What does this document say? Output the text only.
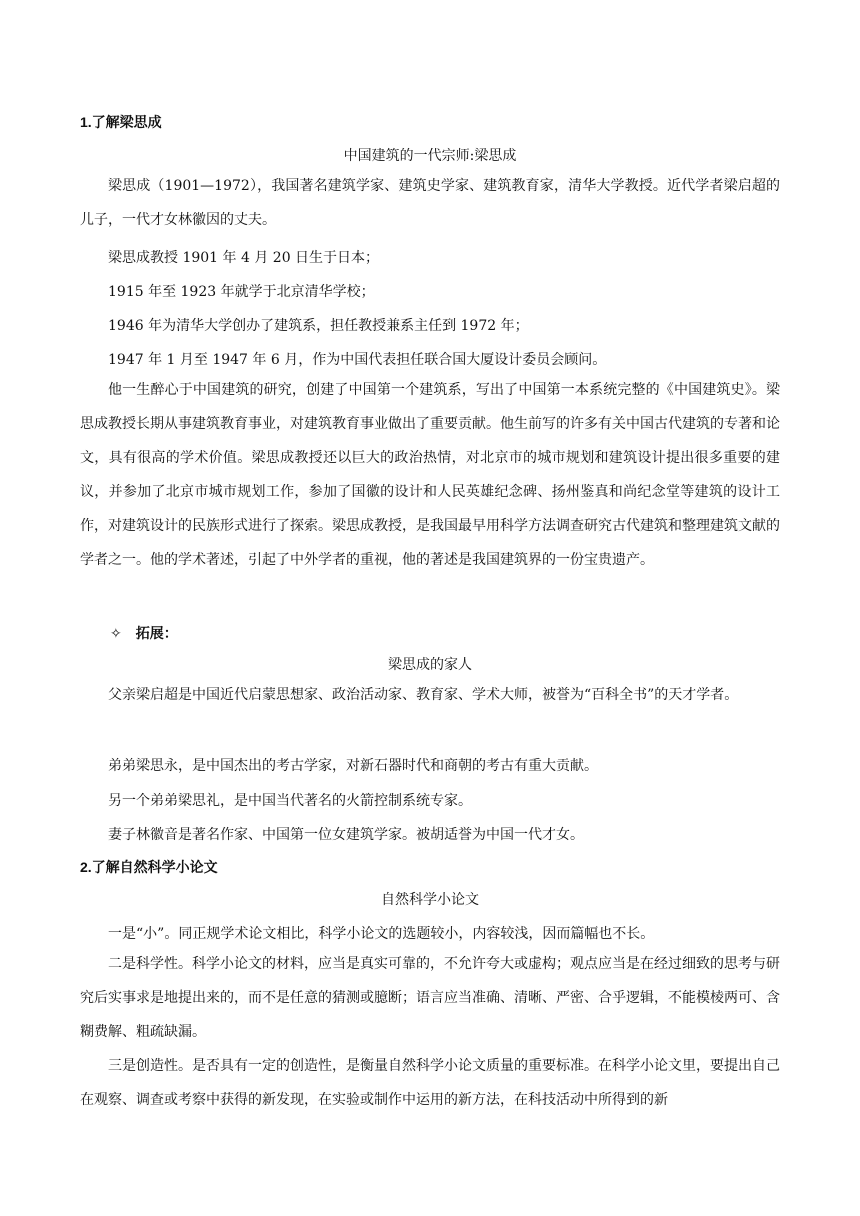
1.了解梁思成
中国建筑的一代宗师:梁思成
梁思成（1901—1972），我国著名建筑学家、建筑史学家、建筑教育家，清华大学教授。近代学者梁启超的儿子，一代才女林徽因的丈夫。
梁思成教授 1901 年 4 月 20 日生于日本；
1915 年至 1923 年就学于北京清华学校；
1946 年为清华大学创办了建筑系，担任教授兼系主任到 1972 年；
1947 年 1 月至 1947 年 6 月，作为中国代表担任联合国大厦设计委员会顾问。
他一生醉心于中国建筑的研究，创建了中国第一个建筑系，写出了中国第一本系统完整的《中国建筑史》。梁思成教授长期从事建筑教育事业，对建筑教育事业做出了重要贡献。他生前写的许多有关中国古代建筑的专著和论文，具有很高的学术价值。梁思成教授还以巨大的政治热情，对北京市的城市规划和建筑设计提出很多重要的建议，并参加了北京市城市规划工作，参加了国徽的设计和人民英雄纪念碑、扬州鉴真和尚纪念堂等建筑的设计工作，对建筑设计的民族形式进行了探索。梁思成教授，是我国最早用科学方法调查研究古代建筑和整理建筑文献的学者之一。他的学术著述，引起了中外学者的重视，他的著述是我国建筑界的一份宝贵遗产。
✧ 拓展：
梁思成的家人
父亲梁启超是中国近代启蒙思想家、政治活动家、教育家、学术大师，被誉为“百科全书”的天才学者。
弟弟梁思永，是中国杰出的考古学家，对新石器时代和商朝的考古有重大贡献。
另一个弟弟梁思礼，是中国当代著名的火箭控制系统专家。
妻子林徽音是著名作家、中国第一位女建筑学家。被胡适誉为中国一代才女。
2.了解自然科学小论文
自然科学小论文
一是“小”。同正规学术论文相比，科学小论文的选题较小，内容较浅，因而篇幅也不长。
二是科学性。科学小论文的材料，应当是真实可靠的，不允许夸大或虚构；观点应当是在经过细致的思考与研究后实事求是地提出来的，而不是任意的猜测或臆断；语言应当准确、清晰、严密、合乎逻辑，不能模棱两可、含糊费解、粗疏缺漏。
三是创造性。是否具有一定的创造性，是衡量自然科学小论文质量的重要标准。在科学小论文里，要提出自己在观察、调查或考察中获得的新发现，在实验或制作中运用的新方法，在科技活动中所得到的新
